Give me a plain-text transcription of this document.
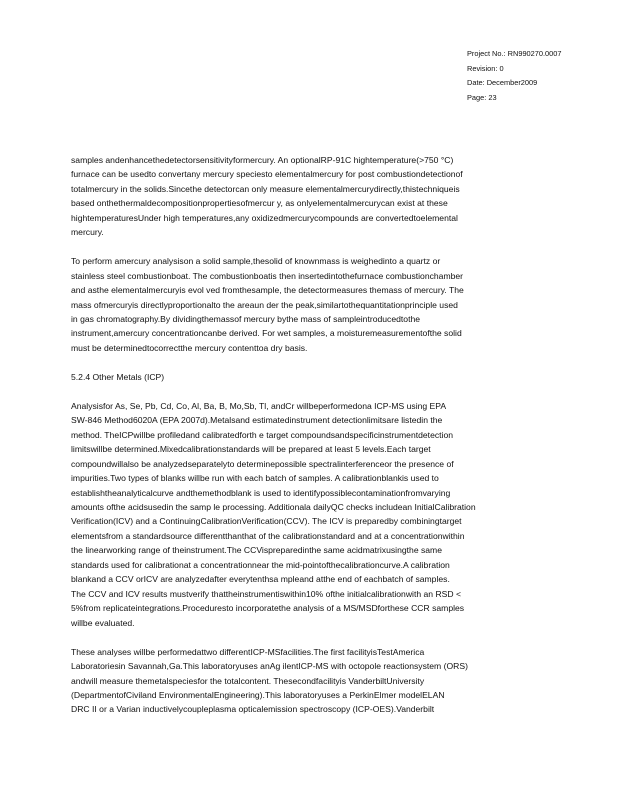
Project No.: RN990270.0007
Revision: 0
Date: December2009
Page: 23
samples andenhancethedetectorsensitivityformercury. An optionalRP-91C hightemperature(>750 °C)
furnace can be usedto convertany mercury speciesto elementalmercury for post combustiondetectionof
totalmercury in the solids.Sincethe detectorcan only measure elementalmercurydirectly,thistechniqueis
based onthethermaldecompositionpropertiesofmercur y, as onlyelementalmercurycan exist at these
hightemperaturesUnder high temperatures,any oxidizedmercurycompounds are convertedtoelemental
mercury.
To perform amercury analysison a solid sample,thesolid of knownmass is weighedinto a quartz or
stainless steel combustionboat. The combustionboatis then insertedintothefurnace combustionchamber
and asthe elementalmercuryis evol ved fromthesample, the detectormeasures themass of mercury. The
mass ofmercuryis directlyproportionalto the areaun der the peak,similartothequantitationprinciple used
in gas chromatography.By dividingthemassof mercury bythe mass of sampleintroducedtothe
instrument,amercury concentrationcanbe derived. For wet samples, a moisturemeasurementofthe solid
must be determinedtocorrectthe mercury contenttoa dry basis.
5.2.4 Other Metals (ICP)
Analysisfor As, Se, Pb, Cd, Co, Al, Ba, B, Mo,Sb, Tl, andCr willbeperformedona ICP-MS using EPA
SW-846 Method6020A (EPA 2007d).Metalsand estimatedinstrument detectionlimitsare listedin the
method. TheICPwillbe profiledand calibratedforth e target compoundsandspecificinstrumentdetection
limitswillbe determined.Mixedcalibrationstandards will be prepared at least 5 levels.Each target
compoundwillalso be analyzedseparatelyto determinepossible spectralinterferenceor the presence of
impurities.Two types of blanks willbe run with each batch of samples. A calibrationblankis used to
establishtheanalyticalcurve andthemethodblank is used to identifypossiblecontaminationfromvarying
amounts ofthe acidsusedin the samp le processing. Additionala dailyQC checks includean InitialCalibration
Verification(ICV) and a ContinuingCalibrationVerification(CCV). The ICV is preparedby combiningtarget
elementsfrom a standardsource differentthanthat of the calibrationstandard and at a concentrationwithin
the linearworking range of theinstrument.The CCVispreparedinthe same acidmatrixusingthe same
standards used for calibrationat a concentrationnear the mid-pointofthecalibrationcurve.A calibration
blankand a CCV orICV are analyzedafter everytenthsa mpleand atthe end of eachbatch of samples.
The CCV and ICV results mustverify thattheinstrumentiswithin10% ofthe initialcalibrationwith an RSD <
5%from replicateintegrations.Proceduresto incorporatethe analysis of a MS/MSDforthese CCR samples
willbe evaluated.
These analyses willbe performedattwo differentICP-MSfacilities.The first facilityisTestAmerica
Laboratoriesin Savannah,Ga.This laboratoryuses anAg ilentICP-MS with octopole reactionsystem (ORS)
andwill measure themetalspeciesfor the totalcontent. Thesecondfacilityis VanderbiltUniversity
(DepartmentofCiviland EnvironmentalEngineering).This laboratoryuses a PerkinElmer modelELAN
DRC II or a Varian inductivelycoupleplasma opticalemission spectroscopy (ICP-OES).Vanderbilt
